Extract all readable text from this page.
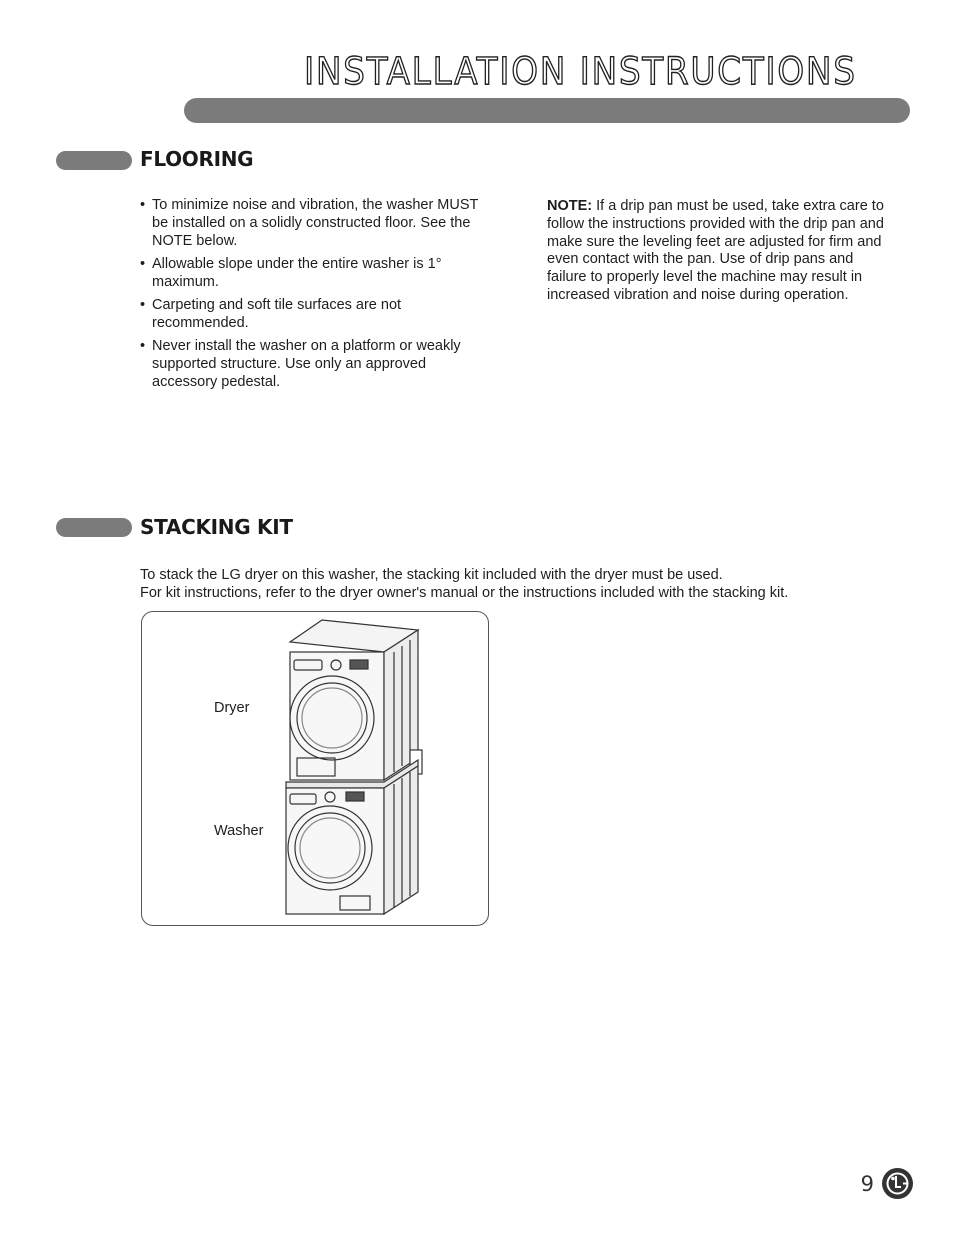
INSTALLATION INSTRUCTIONS
FLOORING
• To minimize noise and vibration, the washer MUST be installed on a solidly constructed floor. See the NOTE below.
• Allowable slope under the entire washer is 1° maximum.
• Carpeting and soft tile surfaces are not recommended.
• Never install the washer on a platform or weakly supported structure. Use only an approved accessory pedestal.

NOTE: If a drip pan must be used, take extra care to follow the instructions provided with the drip pan and make sure the leveling feet are adjusted for firm and even contact with the pan. Use of drip pans and failure to properly level the machine may result in increased vibration and noise during operation.

STACKING KIT
To stack the LG dryer on this washer, the stacking kit included with the dryer must be used.
For kit instructions, refer to the dryer owner's manual or the instructions included with the stacking kit.
Dryer
Washer
9
